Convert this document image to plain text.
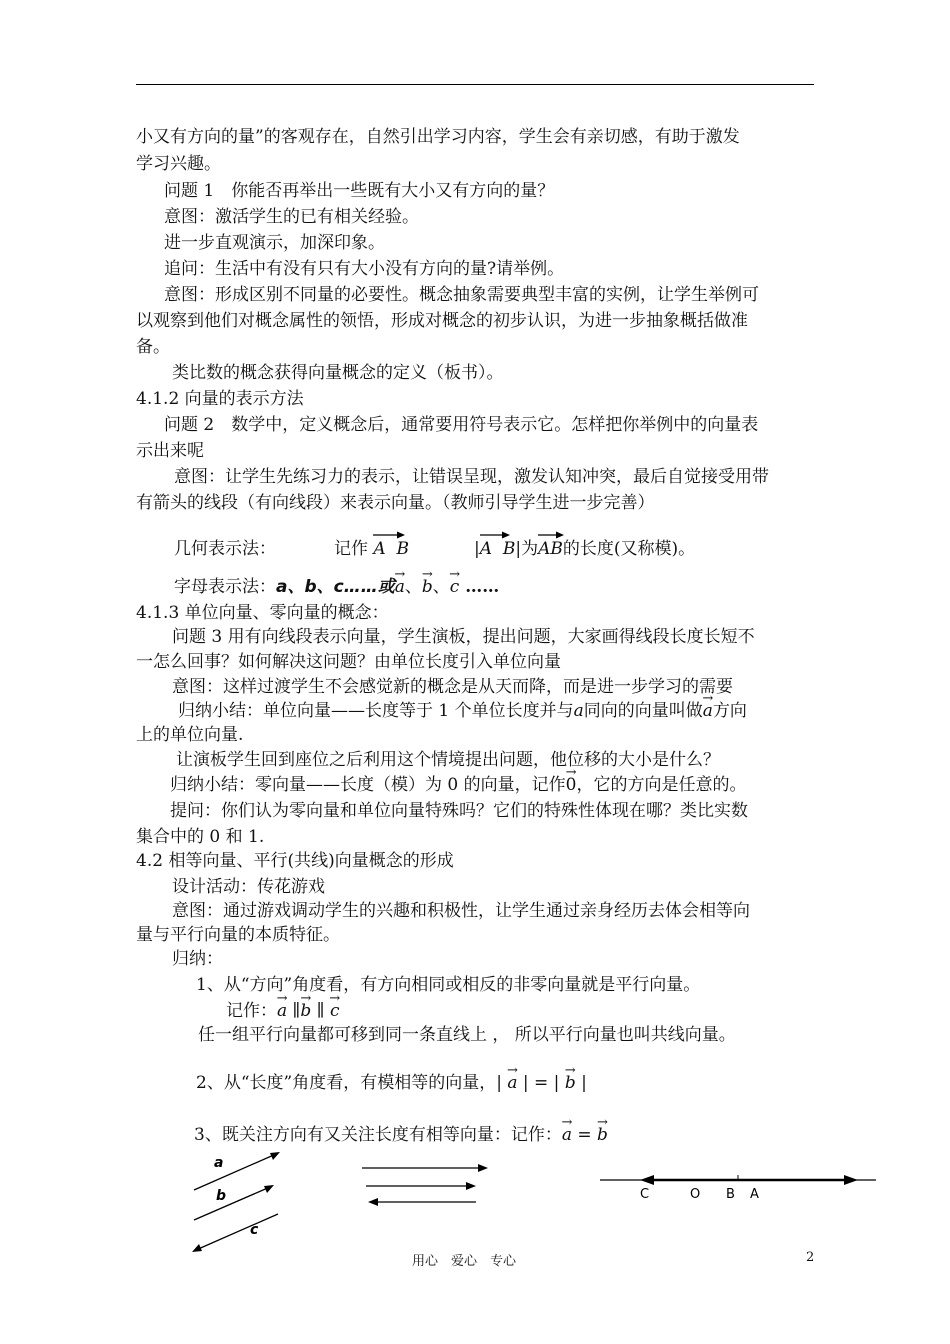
小又有方向的量”的客观存在，自然引出学习内容，学生会有亲切感，有助于激发
学习兴趣。
问题 1　你能否再举出一些既有大小又有方向的量？
意图：激活学生的已有相关经验。
进一步直观演示，加深印象。
追问：生活中有没有只有大小没有方向的量?请举例。
意图：形成区别不同量的必要性。概念抽象需要典型丰富的实例，让学生举例可
以观察到他们对概念属性的领悟，形成对概念的初步认识，为进一步抽象概括做准
备。
类比数的概念获得向量概念的定义（板书）。
4.1.2 向量的表示方法
问题 2　数学中，定义概念后，通常要用符号表示它。怎样把你举例中的向量表
示出来呢
意图：让学生先练习力的表示，让错误呈现，激发认知冲突，最后自觉接受用带
有箭头的线段（有向线段）来表示向量。（教师引导学生进一步完善）
几何表示法：	记作 A B	|
A B|为
AB的长度(又称模)。
字母表示法：a、b、c……或→ a、→ b、→ c ……
4.1.3 单位向量、零向量的概念：
问题 3 用有向线段表示向量，学生演板，提出问题，大家画得线段长度长短不
一怎么回事？如何解决这问题？由单位长度引入单位向量
意图：这样过渡学生不会感觉新的概念是从天而降，而是进一步学习的需要
归纳小结：单位向量——长度等于 1 个单位长度并与a同向的向量叫做→ a方向
上的单位向量.
让演板学生回到座位之后利用这个情境提出问题，他位移的大小是什么？
归纳小结：零向量——长度（模）为 0 的向量，记作→ 0，它的方向是任意的。
提问：你们认为零向量和单位向量特殊吗？它们的特殊性体现在哪？类比实数
集合中的 0 和 1.
4.2 相等向量、平行(共线)向量概念的形成
设计活动：传花游戏
意图：通过游戏调动学生的兴趣和积极性，让学生通过亲身经历去体会相等向
量与平行向量的本质特征。
归纳：
1、从“方向”角度看，有方向相同或相反的非零向量就是平行向量。
记作：→ a ∥→ b ∥ → c
任一组平行向量都可移到同一条直线上 ， 所以平行向量也叫共线向量。
2、从“长度”角度看，有模相等的向量，| → a | = | → b |
3、既关注方向有又关注长度有相等向量：记作：→ a = → b
a
b
c
C	O B A
用心　爱心　专心	2
